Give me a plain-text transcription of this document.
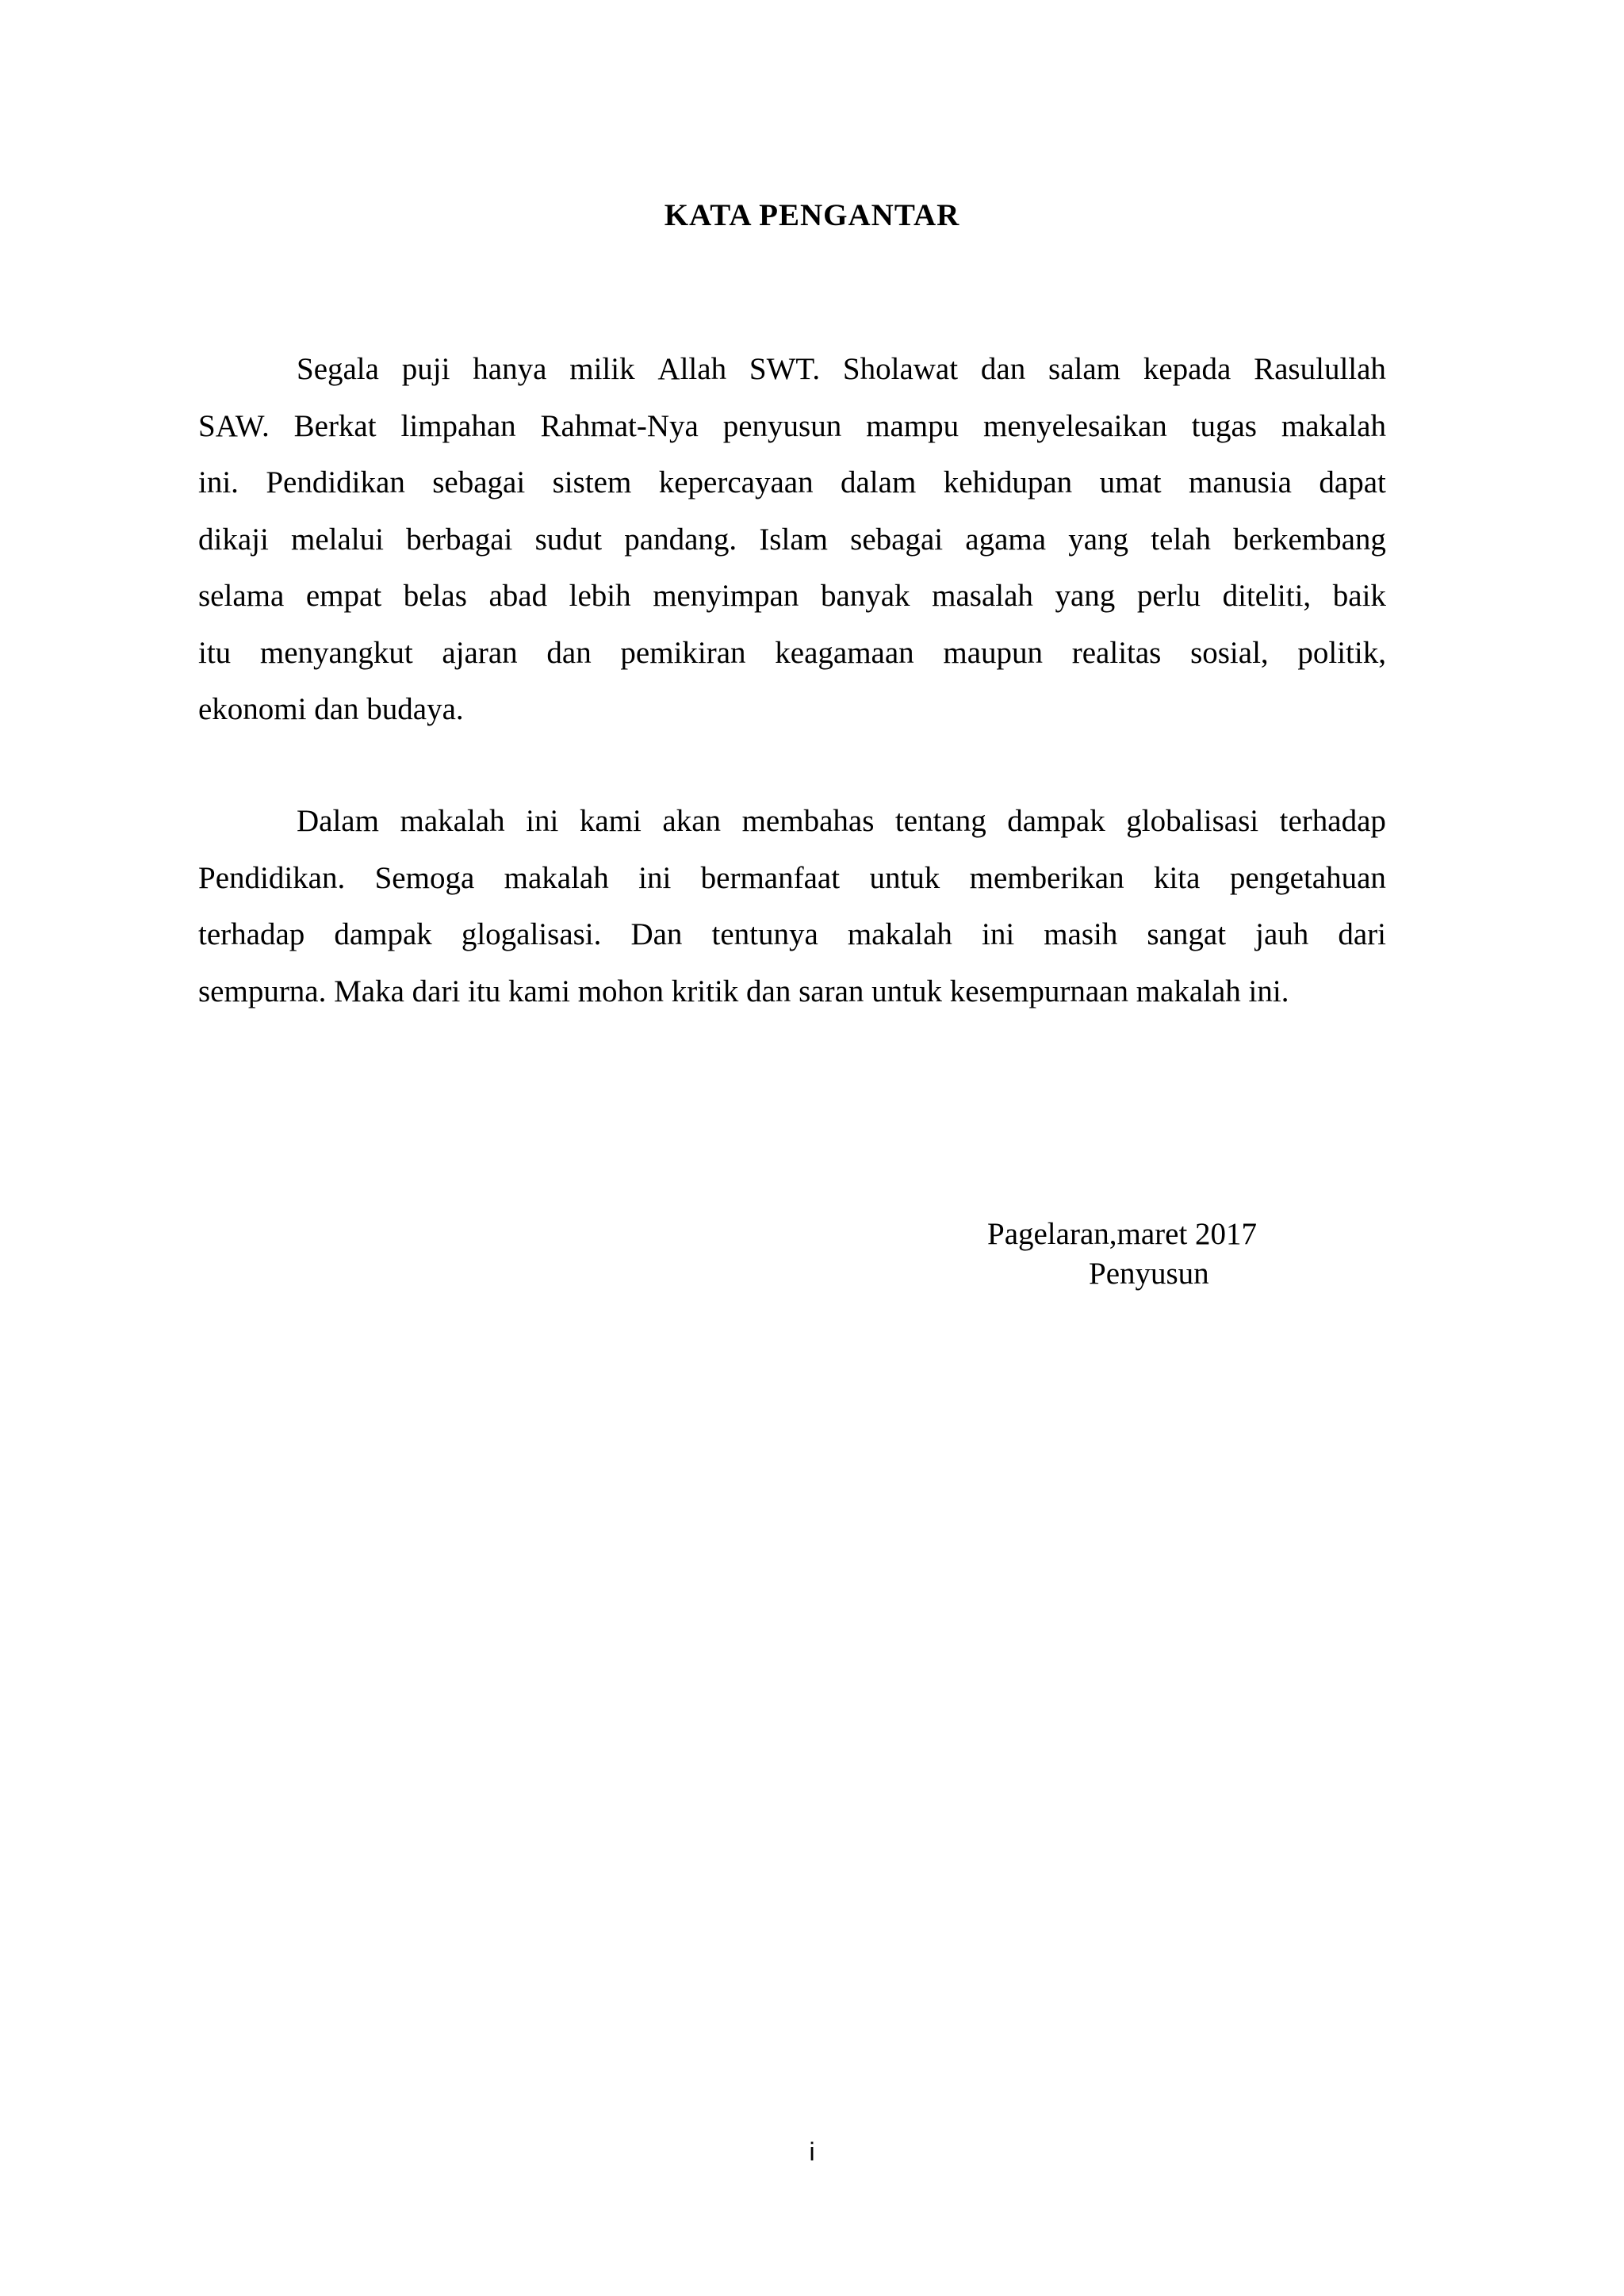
KATA PENGANTAR
Segala puji hanya milik Allah SWT. Sholawat dan salam kepada Rasulullah
SAW. Berkat limpahan Rahmat-Nya penyusun mampu menyelesaikan tugas makalah
ini. Pendidikan sebagai sistem kepercayaan dalam kehidupan umat manusia dapat
dikaji melalui berbagai sudut pandang. Islam sebagai agama yang telah berkembang
selama empat belas abad lebih menyimpan banyak masalah yang perlu diteliti, baik
itu menyangkut ajaran dan pemikiran keagamaan maupun realitas sosial, politik,
ekonomi dan budaya.
Dalam makalah ini kami akan membahas tentang dampak globalisasi terhadap
Pendidikan. Semoga makalah ini bermanfaat untuk memberikan kita pengetahuan
terhadap dampak glogalisasi. Dan tentunya makalah ini masih sangat jauh dari
sempurna. Maka dari itu kami mohon kritik dan saran untuk kesempurnaan makalah ini.
Pagelaran,maret 2017
Penyusun
i
